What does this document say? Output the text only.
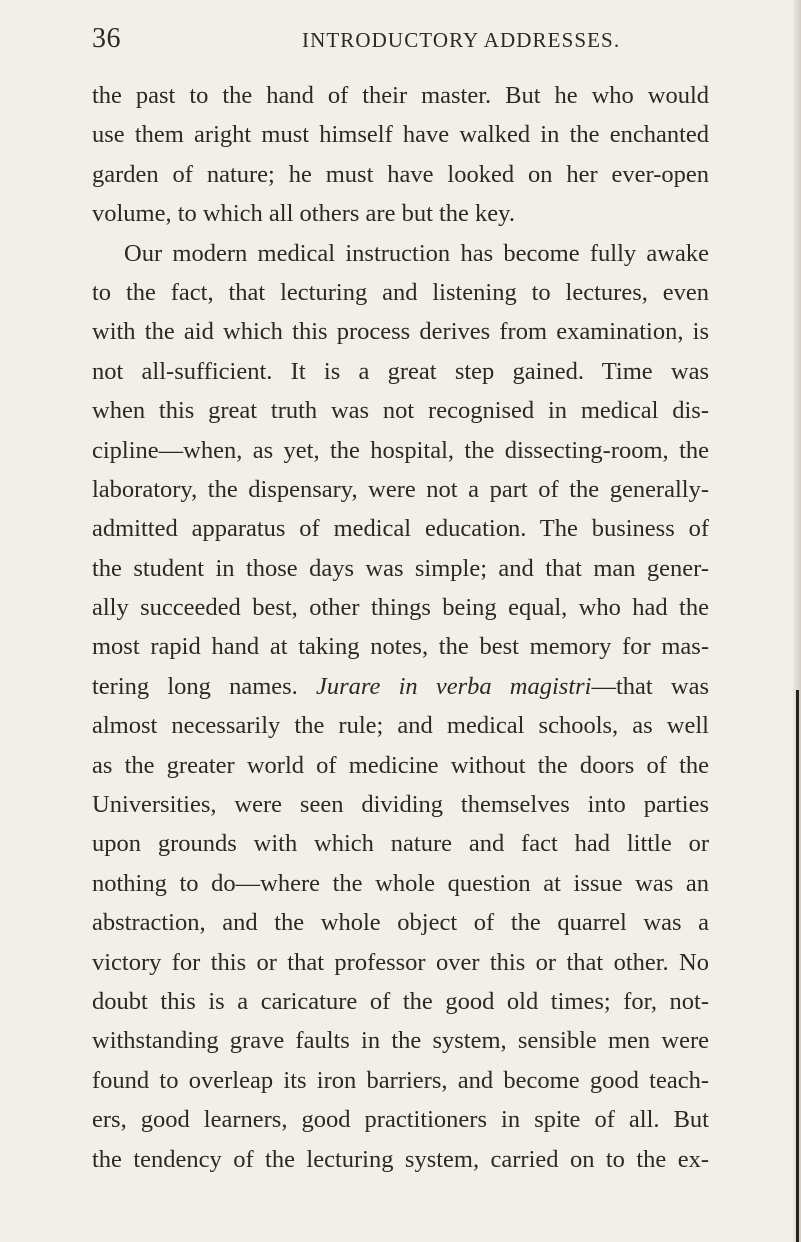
36	INTRODUCTORY ADDRESSES.
the past to the hand of their master. But he who would
use them aright must himself have walked in the enchanted
garden of nature; he must have looked on her ever-open
volume, to which all others are but the key.
Our modern medical instruction has become fully awake
to the fact, that lecturing and listening to lectures, even
with the aid which this process derives from examination, is
not all-sufficient. It is a great step gained. Time was
when this great truth was not recognised in medical dis-
cipline—when, as yet, the hospital, the dissecting-room, the
laboratory, the dispensary, were not a part of the generally-
admitted apparatus of medical education. The business of
the student in those days was simple; and that man gener-
ally succeeded best, other things being equal, who had the
most rapid hand at taking notes, the best memory for mas-
tering long names. Jurare in verba magistri—that was
almost necessarily the rule; and medical schools, as well
as the greater world of medicine without the doors of the
Universities, were seen dividing themselves into parties
upon grounds with which nature and fact had little or
nothing to do—where the whole question at issue was an
abstraction, and the whole object of the quarrel was a
victory for this or that professor over this or that other. No
doubt this is a caricature of the good old times; for, not-
withstanding grave faults in the system, sensible men were
found to overleap its iron barriers, and become good teach-
ers, good learners, good practitioners in spite of all. But
the tendency of the lecturing system, carried on to the ex-
